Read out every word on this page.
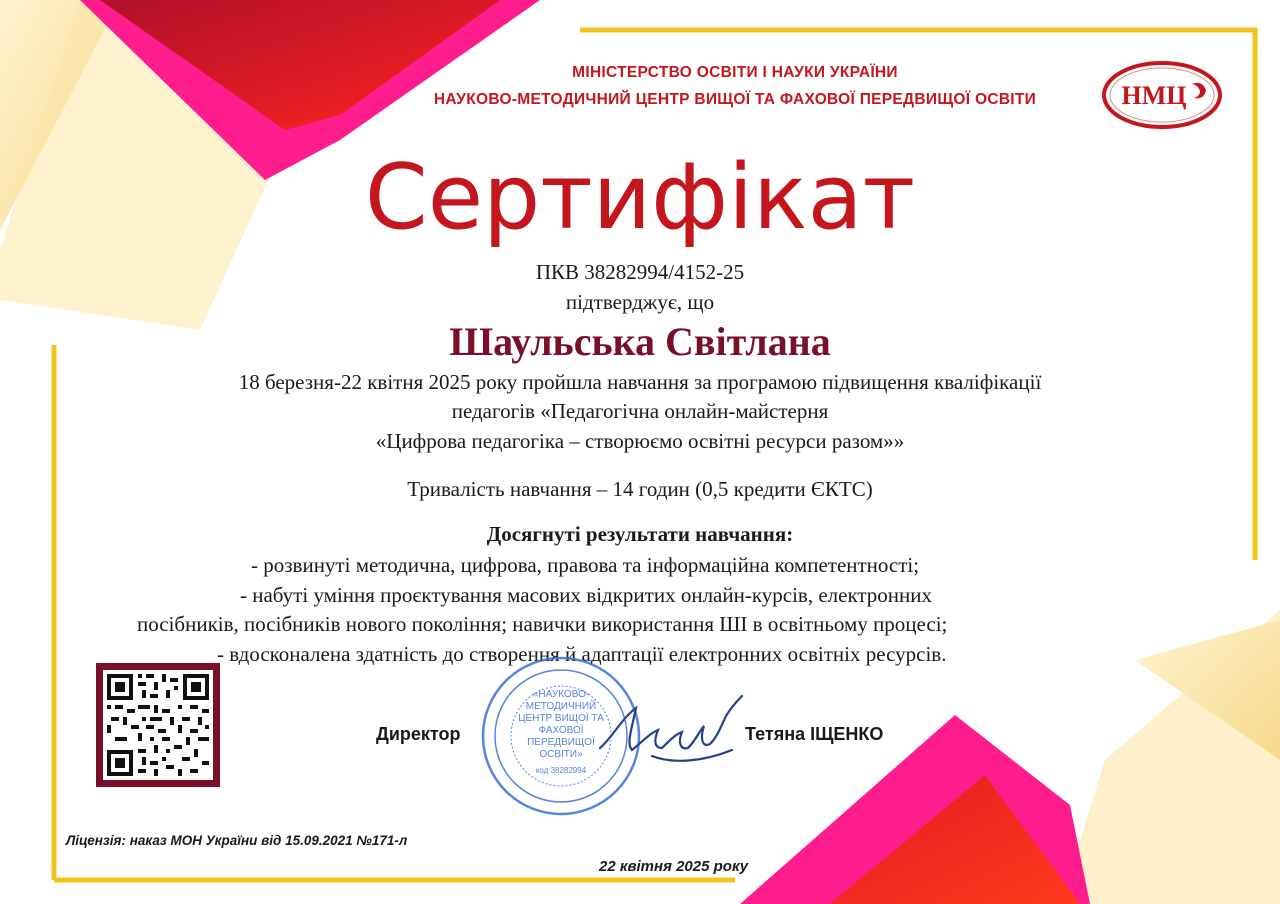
НМЦ
МІНІСТЕРСТВО ОСВІТИ І НАУКИ УКРАЇНИ
НАУКОВО-МЕТОДИЧНИЙ ЦЕНТР ВИЩОЇ ТА ФАХОВОЇ ПЕРЕДВИЩОЇ ОСВІТИ
Сертифікат
ПКВ 38282994/4152-25
підтверджує, що
Шаульська Світлана
18 березня-22 квітня 2025 року пройшла навчання за програмою підвищення кваліфікації
педагогів «Педагогічна онлайн-майстерня
«Цифрова педагогіка – створюємо освітні ресурси разом»»
Тривалість навчання – 14 годин (0,5 кредити ЄКТС)
Досягнуті результати навчання:
- розвинуті методична, цифрова, правова та інформаційна компетентності;
- набуті уміння проєктування масових відкритих онлайн-курсів, електронних
посібників, посібників нового покоління; навички використання ШІ в освітньому процесі;
- вдосконалена здатність до створення й адаптації електронних освітніх ресурсів.
«НАУКОВО-
МЕТОДИЧНИЙ
ЦЕНТР ВИЩОЇ ТА
ФАХОВОЇ
ПЕРЕДВИЩОЇ
ОСВІТИ»
код 38282994
Директор	Тетяна ІЩЕНКО
Ліцензія: наказ МОН України від 15.09.2021 №171-л
22 квітня 2025 року
